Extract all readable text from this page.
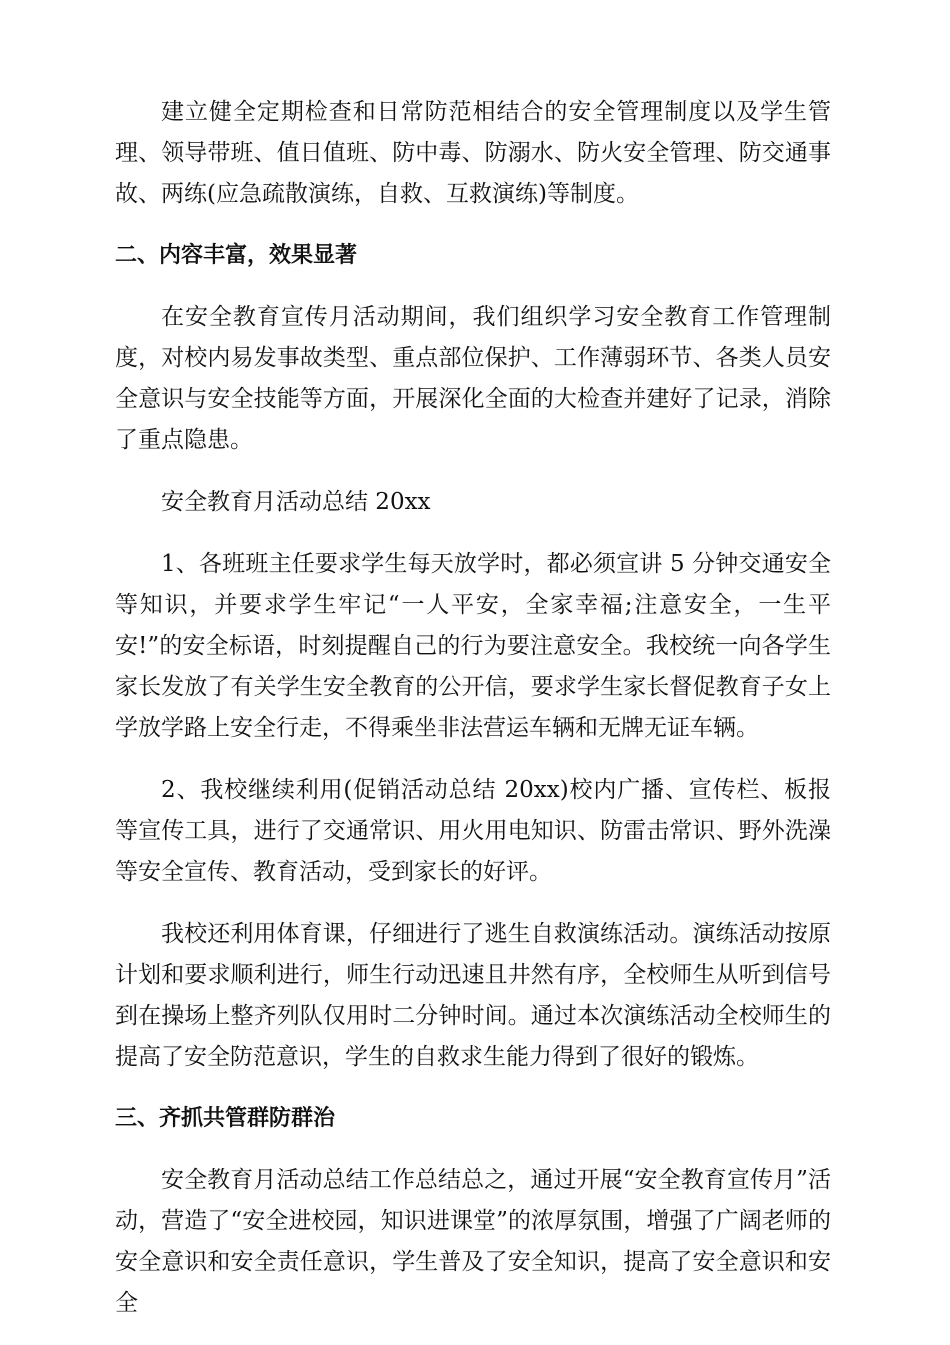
建立健全定期检查和日常防范相结合的安全管理制度以及学生管理、领导带班、值日值班、防中毒、防溺水、防火安全管理、防交通事故、两练(应急疏散演练，自救、互救演练)等制度。

二、内容丰富，效果显著

在安全教育宣传月活动期间，我们组织学习安全教育工作管理制度，对校内易发事故类型、重点部位保护、工作薄弱环节、各类人员安全意识与安全技能等方面，开展深化全面的大检查并建好了记录，消除了重点隐患。

安全教育月活动总结 20xx

1、各班班主任要求学生每天放学时，都必须宣讲 5 分钟交通安全等知识，并要求学生牢记“一人平安，全家幸福;注意安全，一生平安!”的安全标语，时刻提醒自己的行为要注意安全。我校统一向各学生家长发放了有关学生安全教育的公开信，要求学生家长督促教育子女上学放学路上安全行走，不得乘坐非法营运车辆和无牌无证车辆。

2、我校继续利用(促销活动总结 20xx)校内广播、宣传栏、板报等宣传工具，进行了交通常识、用火用电知识、防雷击常识、野外洗澡等安全宣传、教育活动，受到家长的好评。

我校还利用体育课，仔细进行了逃生自救演练活动。演练活动按原计划和要求顺利进行，师生行动迅速且井然有序，全校师生从听到信号到在操场上整齐列队仅用时二分钟时间。通过本次演练活动全校师生的提高了安全防范意识，学生的自救求生能力得到了很好的锻炼。

三、齐抓共管群防群治

安全教育月活动总结工作总结总之，通过开展“安全教育宣传月”活动，营造了“安全进校园，知识进课堂”的浓厚氛围，增强了广阔老师的安全意识和安全责任意识，学生普及了安全知识，提高了安全意识和安全
